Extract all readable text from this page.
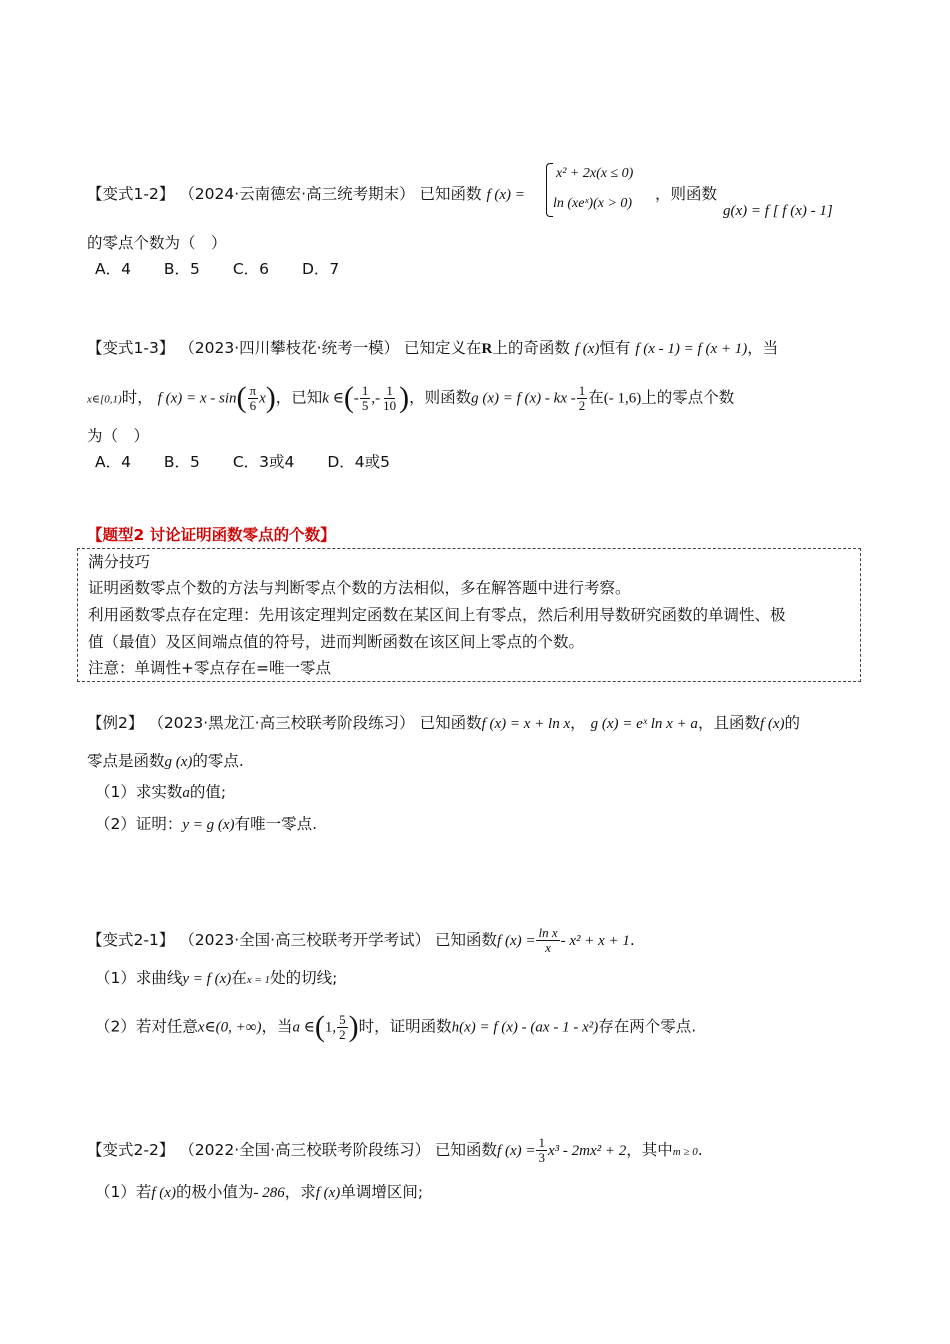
【变式1-2】 （2024·云南德宏·高三统考期末） 已知函数 f (x) =
x² + 2x(x ≤ 0)
ln (xeˣ)(x > 0)
，则函数
g(x) = f [ f (x) - 1]
的零点个数为（　）
A．4 B．5 C．6 D．7
【变式1-3】 （2023·四川攀枝花·统考一模） 已知定义在R上的奇函数 f (x)恒有 f (x - 1) = f (x + 1)，当
x∈[0,1)时， f $(x) = x - \sin( \frac{\pi}{6} x)$，已知k ∈(- $\frac{1}{5}$ ,- $\frac{1}{10}$ )，则函数g (x) = f (x) - kx - $\frac{1}{2}$ 在(- 1,6)上的零点个数
为（　）
A．4 B．5 C．3或4 D．4或5
【题型2 讨论证明函数零点的个数】
满分技巧
证明函数零点个数的方法与判断零点个数的方法相似，多在解答题中进行考察。
利用函数零点存在定理：先用该定理判定函数在某区间上有零点，然后利用导数研究函数的单调性、极
值（最值）及区间端点值的符号，进而判断函数在该区间上零点的个数。
注意：单调性+零点存在=唯一零点
【例2】 （2023·黑龙江·高三校联考阶段练习） 已知函数f (x) = x + ln x， g (x) = eˣ ln x + a，且函数f (x)的
零点是函数g (x)的零点.
（1）求实数a的值;
（2）证明：y = g (x)有唯一零点.
【变式2-1】 （2023·全国·高三校联考开学考试） 已知函数f $(x) = \frac{\text{ln x}}{x} - x^2 + x + 1$.
（1）求曲线y = f (x)在x = 1处的切线;
（2）若对任意x∈(0, +∞)，当a ∈(1, $\frac{5}{2}$ )时，证明函数h(x) = f (x) - (ax - 1 - x²)存在两个零点.
【变式2-2】 （2022·全国·高三校联考阶段练习） 已知函数f $(x) = \frac{1}{3} x^3 - 2mx^2 + 2$，其中m ≥ 0.
（1）若f (x)的极小值为- 286，求f (x)单调增区间;
